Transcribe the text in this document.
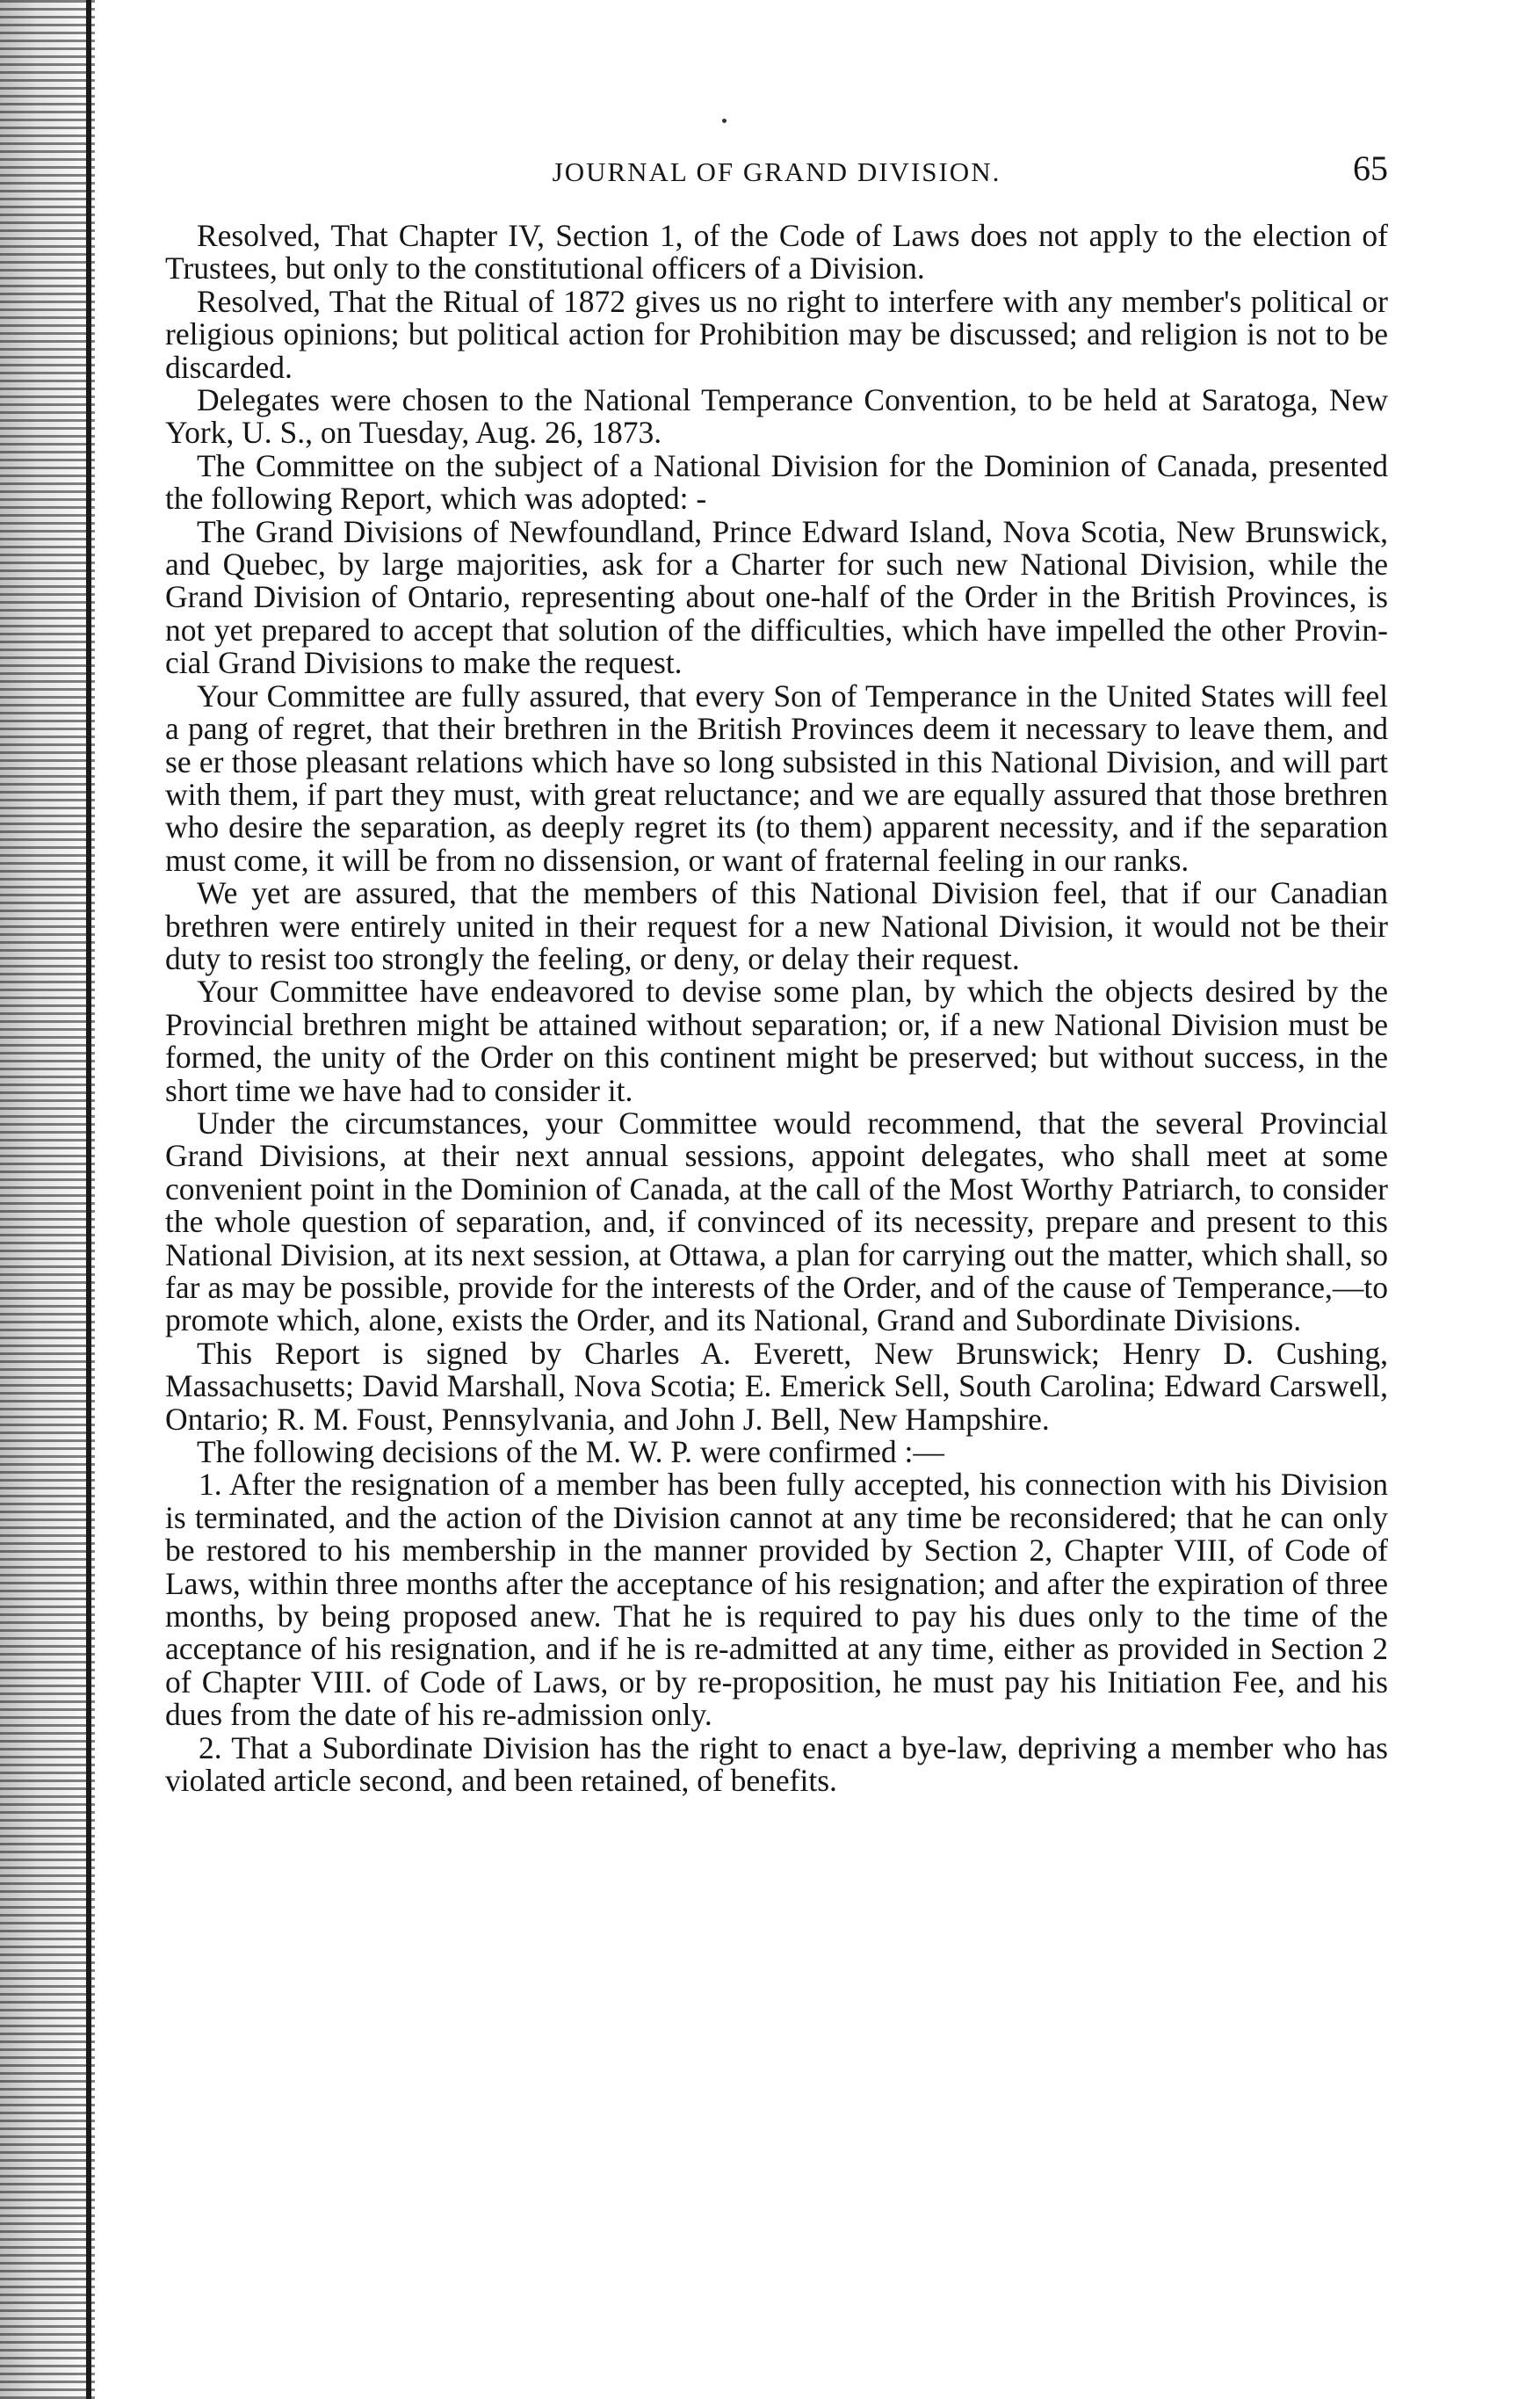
JOURNAL OF GRAND DIVISION.	65

Resolved, That Chapter IV, Section 1, of the Code of Laws does not apply to the election of Trustees, but only to the constitutional officers of a Division.

Resolved, That the Ritual of 1872 gives us no right to interfere with any member's political or religious opinions; but political action for Prohibition may be discussed; and religion is not to be discarded.

Delegates were chosen to the National Temperance Convention, to be held at Saratoga, New York, U. S., on Tuesday, Aug. 26, 1873.

The Committee on the subject of a National Division for the Dominion of Canada, presented the following Report, which was adopted: -

The Grand Divisions of Newfoundland, Prince Edward Island, Nova Scotia, New Brunswick, and Quebec, by large majorities, ask for a Charter for such new National Division, while the Grand Division of Ontario, representing about one-half of the Order in the British Provinces, is not yet prepared to accept that solution of the difficulties, which have impelled the other Provincial Grand Divisions to make the request.

Your Committee are fully assured, that every Son of Temperance in the United States will feel a pang of regret, that their brethren in the British Provinces deem it necessary to leave them, and se er those pleasant relations which have so long subsisted in this National Division, and will part with them, if part they must, with great reluctance; and we are equally assured that those brethren who desire the separation, as deeply regret its (to them) apparent necessity, and if the separation must come, it will be from no dissension, or want of fraternal feeling in our ranks.

We yet are assured, that the members of this National Division feel, that if our Canadian brethren were entirely united in their request for a new National Division, it would not be their duty to resist too strongly the feeling, or deny, or delay their request.

Your Committee have endeavored to devise some plan, by which the objects desired by the Provincial brethren might be attained without separation; or, if a new National Division must be formed, the unity of the Order on this continent might be preserved; but without success, in the short time we have had to consider it.

Under the circumstances, your Committee would recommend, that the several Provincial Grand Divisions, at their next annual sessions, appoint delegates, who shall meet at some convenient point in the Dominion of Canada, at the call of the Most Worthy Patriarch, to consider the whole question of separation, and, if convinced of its necessity, prepare and present to this National Division, at its next session, at Ottawa, a plan for carrying out the matter, which shall, so far as may be possible, provide for the interests of the Order, and of the cause of Temperance,—to promote which, alone, exists the Order, and its National, Grand and Subordinate Divisions.

This Report is signed by Charles A. Everett, New Brunswick; Henry D. Cushing, Massachusetts; David Marshall, Nova Scotia; E. Emerick Sell, South Carolina; Edward Carswell, Ontario; R. M. Foust, Pennsylvania, and John J. Bell, New Hampshire.

The following decisions of the M. W. P. were confirmed :—

1. After the resignation of a member has been fully accepted, his connection with his Division is terminated, and the action of the Division cannot at any time be reconsidered; that he can only be restored to his membership in the manner provided by Section 2, Chapter VIII, of Code of Laws, within three months after the acceptance of his resignation; and after the expiration of three months, by being proposed anew. That he is required to pay his dues only to the time of the acceptance of his resignation, and if he is re-admitted at any time, either as provided in Section 2 of Chapter VIII. of Code of Laws, or by re-proposition, he must pay his Initiation Fee, and his dues from the date of his re-admission only.

2. That a Subordinate Division has the right to enact a bye-law, depriving a member who has violated article second, and been retained, of benefits.
